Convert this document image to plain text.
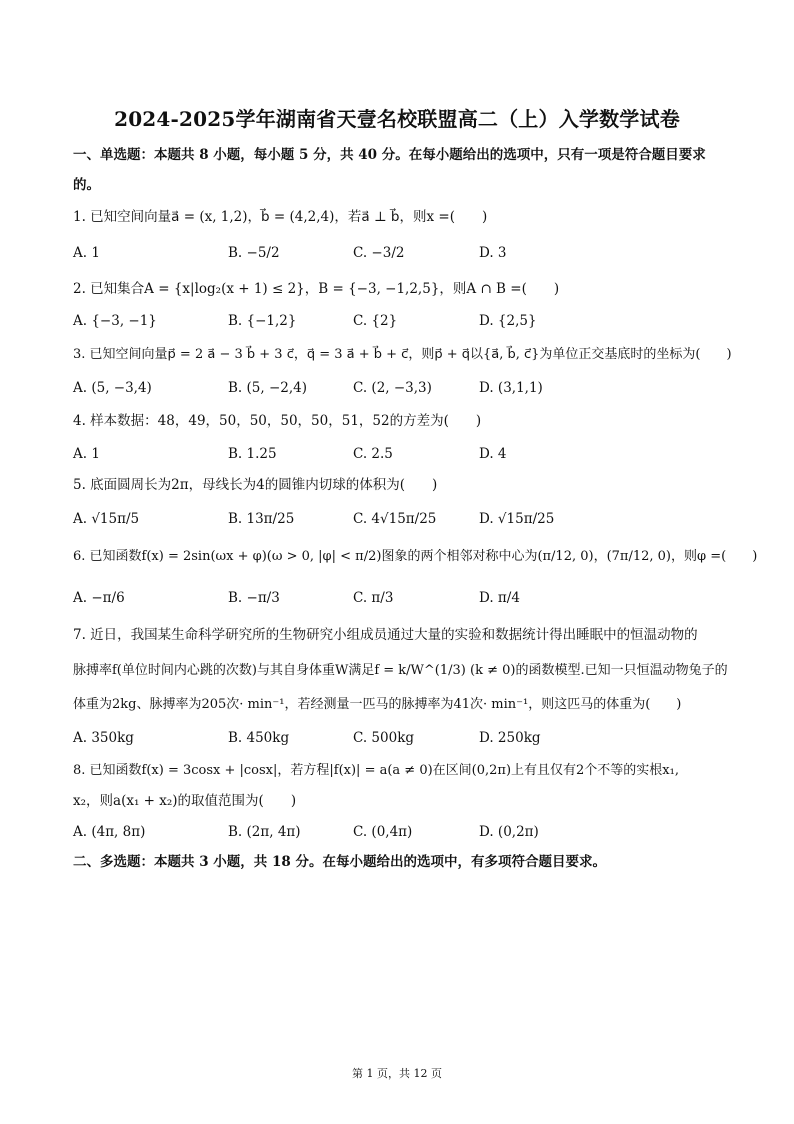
2024-2025学年湖南省天壹名校联盟高二（上）入学数学试卷
一、单选题：本题共 8 小题，每小题 5 分，共 40 分。在每小题给出的选项中，只有一项是符合题目要求
的。
1. 已知空间向量a⃗ = (x, 1,2)，b⃗ = (4,2,4)，若a⃗ ⊥ b⃗，则x =(　　)
A. 1	B. −5/2	C. −3/2	D. 3
2. 已知集合A = {x|log₂(x + 1) ≤ 2}，B = {−3, −1,2,5}，则A ∩ B =(　　)
A. {−3, −1}	B. {−1,2}	C. {2}	D. {2,5}
3. 已知空间向量p⃗ = 2 a⃗ − 3 b⃗ + 3 c⃗，q⃗ = 3 a⃗ + b⃗ + c⃗，则p⃗ + q⃗以{a⃗, b⃗, c⃗}为单位正交基底时的坐标为(　　)
A. (5, −3,4)	B. (5, −2,4)	C. (2, −3,3)	D. (3,1,1)
4. 样本数据：48，49，50，50，50，50，51，52的方差为(　　)
A. 1	B. 1.25	C. 2.5	D. 4
5. 底面圆周长为2π，母线长为4的圆锥内切球的体积为(　　)
A. √15π/5	B. 13π/25	C. 4√15π/25	D. √15π/25
6. 已知函数f(x) = 2sin(ωx + φ)(ω > 0, |φ| < π/2)图象的两个相邻对称中心为(π/12, 0)，(7π/12, 0)，则φ =(　　)
A. −π/6	B. −π/3	C. π/3	D. π/4
7. 近日，我国某生命科学研究所的生物研究小组成员通过大量的实验和数据统计得出睡眠中的恒温动物的
脉搏率f(单位时间内心跳的次数)与其自身体重W满足f = k/W^(1/3) (k ≠ 0)的函数模型.已知一只恒温动物兔子的
体重为2kg、脉搏率为205次· min⁻¹，若经测量一匹马的脉搏率为41次· min⁻¹，则这匹马的体重为(　　)
A. 350kg	B. 450kg	C. 500kg	D. 250kg
8. 已知函数f(x) = 3cosx + |cosx|，若方程|f(x)| = a(a ≠ 0)在区间(0,2π)上有且仅有2个不等的实根x₁,
x₂，则a(x₁ + x₂)的取值范围为(　　)
A. (4π, 8π)	B. (2π, 4π)	C. (0,4π)	D. (0,2π)
二、多选题：本题共 3 小题，共 18 分。在每小题给出的选项中，有多项符合题目要求。
第 1 页，共 12 页
